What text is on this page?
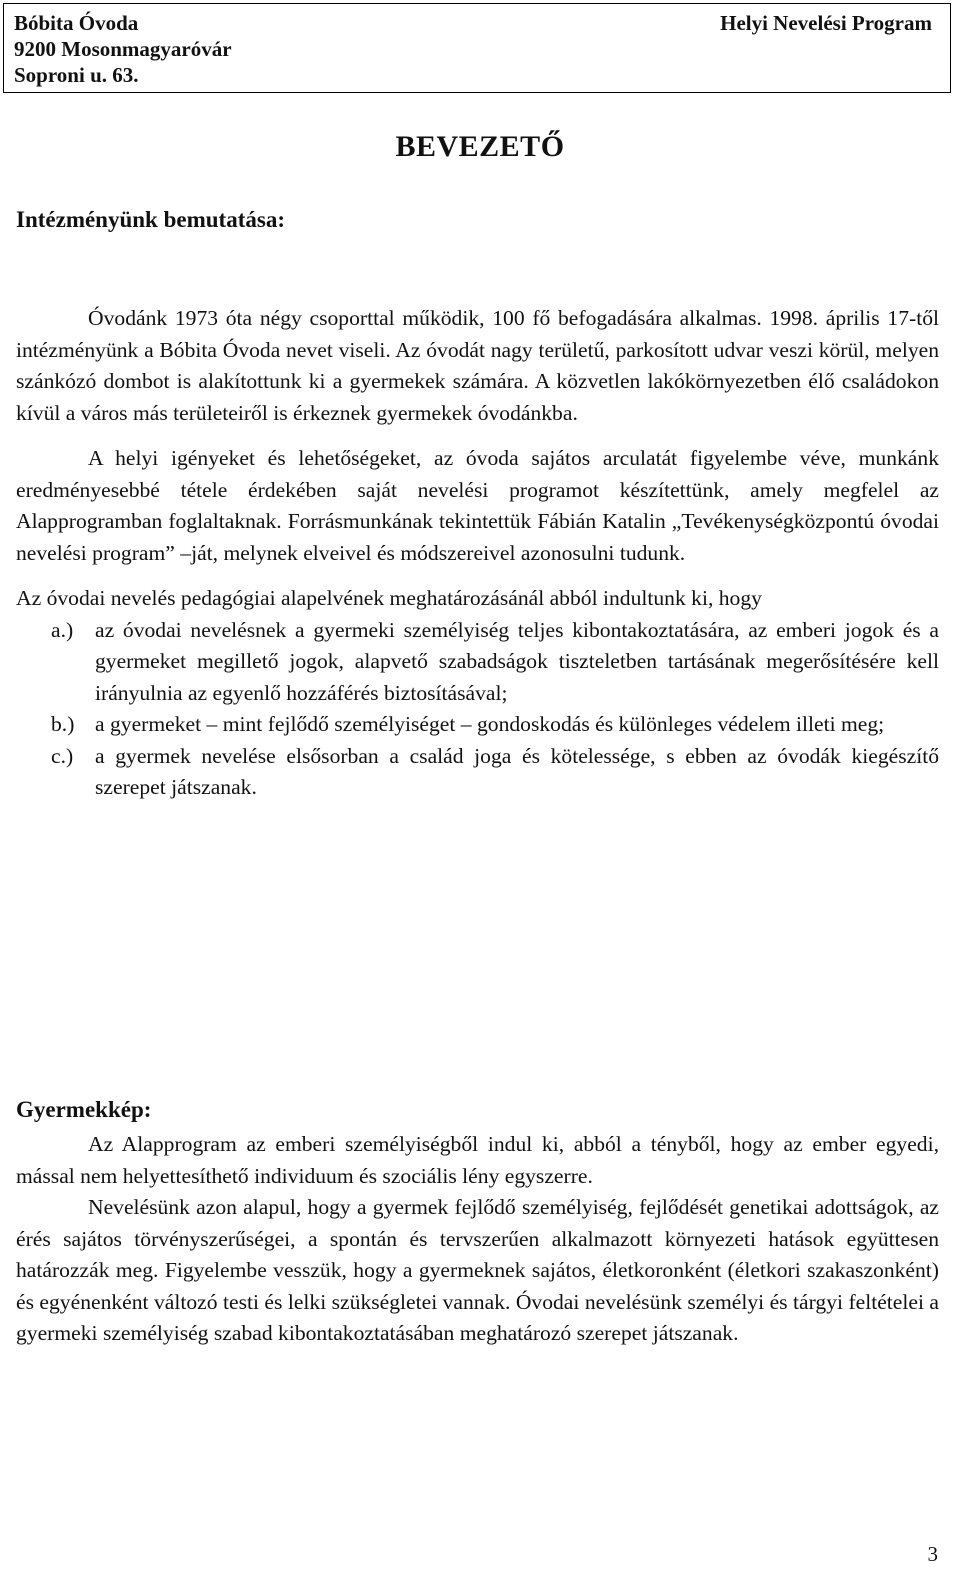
Bóbita Óvoda
9200 Mosonmagyaróvár
Soproni u. 63.
Helyi Nevelési Program
BEVEZETŐ
Intézményünk bemutatása:

Óvodánk 1973 óta négy csoporttal működik, 100 fő befogadására alkalmas. 1998. április 17-től intézményünk a Bóbita Óvoda nevet viseli. Az óvodát nagy területű, parkosított udvar veszi körül, melyen szánkózó dombot is alakítottunk ki a gyermekek számára. A közvetlen lakókörnyezetben élő családokon kívül a város más területeiről is érkeznek gyermekek óvodánkba.

A helyi igényeket és lehetőségeket, az óvoda sajátos arculatát figyelembe véve, munkánk eredményesebbé tétele érdekében saját nevelési programot készítettünk, amely megfelel az Alapprogramban foglaltaknak. Forrásmunkának tekintettük Fábián Katalin „Tevékenységközpontú óvodai nevelési program” –ját, melynek elveivel és módszereivel azonosulni tudunk.

Az óvodai nevelés pedagógiai alapelvének meghatározásánál abból indultunk ki, hogy

a.) az óvodai nevelésnek a gyermeki személyiség teljes kibontakoztatására, az emberi jogok és a gyermeket megillető jogok, alapvető szabadságok tiszteletben tartásának megerősítésére kell irányulnia az egyenlő hozzáférés biztosításával;
b.) a gyermeket – mint fejlődő személyiséget – gondoskodás és különleges védelem illeti meg;
c.) a gyermek nevelése elsősorban a család joga és kötelessége, s ebben az óvodák kiegészítő szerepet játszanak.
Gyermekkép:

Az Alapprogram az emberi személyiségből indul ki, abból a tényből, hogy az ember egyedi, mással nem helyettesíthető individuum és szociális lény egyszerre.

Nevelésünk azon alapul, hogy a gyermek fejlődő személyiség, fejlődését genetikai adottságok, az érés sajátos törvényszerűségei, a spontán és tervszerűen alkalmazott környezeti hatások együttesen határozzák meg. Figyelembe vesszük, hogy a gyermeknek sajátos, életkoronként (életkori szakaszonként) és egyénenként változó testi és lelki szükségletei vannak. Óvodai nevelésünk személyi és tárgyi feltételei a gyermeki személyiség szabad kibontakoztatásában meghatározó szerepet játszanak.

3
